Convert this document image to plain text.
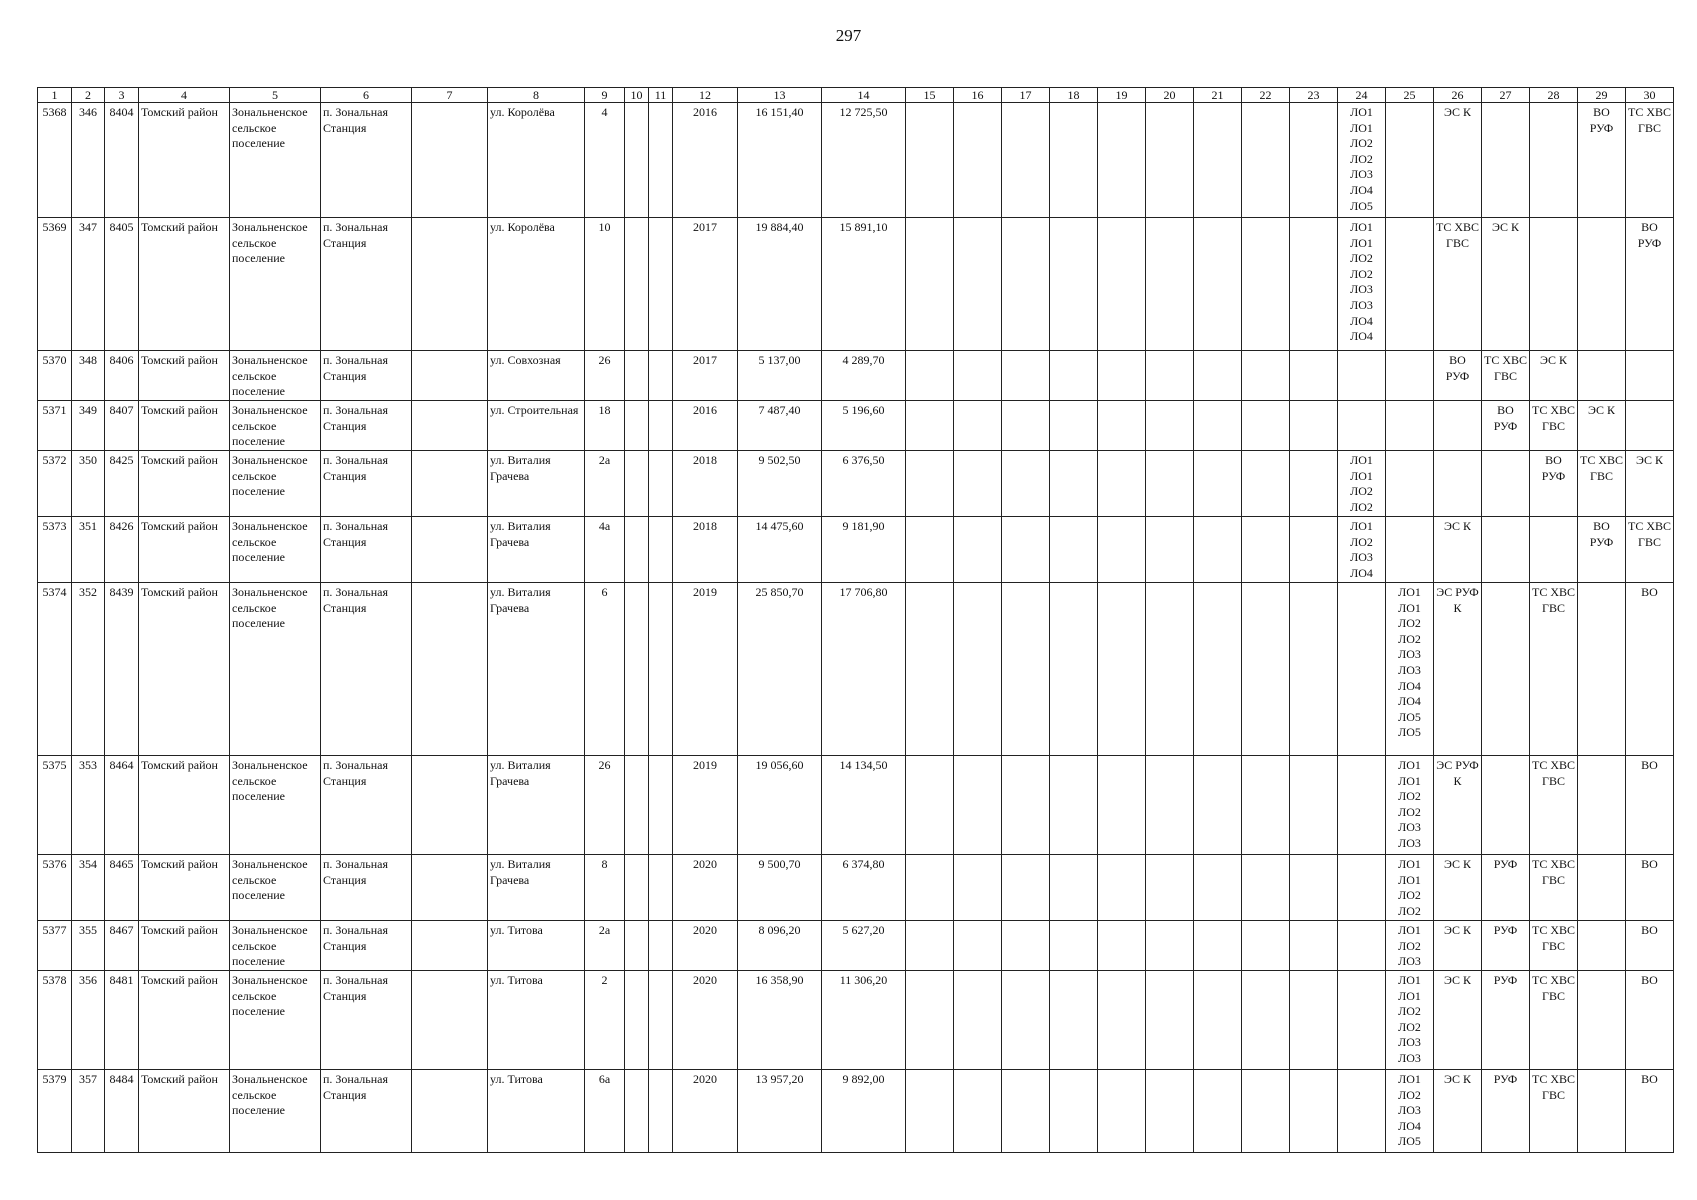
297
1	2	3	4	5	6	7	8	9	10	11	12	13	14	15	16	17	18	19	20	21	22	23	24	25	26	27	28	29	30
5368	346	8404	Томский район	Зональненское сельское поселение	п. Зональная Станция		ул. Королёва	4			2016	16 151,40	12 725,50										ЛО1 ЛО1 ЛО2 ЛО2 ЛО3 ЛО4 ЛО5		ЭС К			ВО РУФ	ТС ХВС ГВС
5369	347	8405	Томский район	Зональненское сельское поселение	п. Зональная Станция		ул. Королёва	10			2017	19 884,40	15 891,10										ЛО1 ЛО1 ЛО2 ЛО2 ЛО3 ЛО3 ЛО4 ЛО4		ТС ХВС ГВС	ЭС К			ВО РУФ
5370	348	8406	Томский район	Зональненское сельское поселение	п. Зональная Станция		ул. Совхозная	26			2017	5 137,00	4 289,70												ВО РУФ	ТС ХВС ГВС	ЭС К		
5371	349	8407	Томский район	Зональненское сельское поселение	п. Зональная Станция		ул. Строительная	18			2016	7 487,40	5 196,60													ВО РУФ	ТС ХВС ГВС	ЭС К	
5372	350	8425	Томский район	Зональненское сельское поселение	п. Зональная Станция		ул. Виталия Грачева	2а			2018	9 502,50	6 376,50										ЛО1 ЛО1 ЛО2 ЛО2				ВО РУФ	ТС ХВС ГВС	ЭС К
5373	351	8426	Томский район	Зональненское сельское поселение	п. Зональная Станция		ул. Виталия Грачева	4а			2018	14 475,60	9 181,90										ЛО1 ЛО2 ЛО3 ЛО4		ЭС К			ВО РУФ	ТС ХВС ГВС
5374	352	8439	Томский район	Зональненское сельское поселение	п. Зональная Станция		ул. Виталия Грачева	6			2019	25 850,70	17 706,80											ЛО1 ЛО1 ЛО2 ЛО2 ЛО3 ЛО3 ЛО4 ЛО4 ЛО5 ЛО5	ЭС РУФ К		ТС ХВС ГВС		ВО
5375	353	8464	Томский район	Зональненское сельское поселение	п. Зональная Станция		ул. Виталия Грачева	26			2019	19 056,60	14 134,50											ЛО1 ЛО1 ЛО2 ЛО2 ЛО3 ЛО3	ЭС РУФ К		ТС ХВС ГВС		ВО
5376	354	8465	Томский район	Зональненское сельское поселение	п. Зональная Станция		ул. Виталия Грачева	8			2020	9 500,70	6 374,80											ЛО1 ЛО1 ЛО2 ЛО2	ЭС К	РУФ	ТС ХВС ГВС		ВО
5377	355	8467	Томский район	Зональненское сельское поселение	п. Зональная Станция		ул. Титова	2а			2020	8 096,20	5 627,20											ЛО1 ЛО2 ЛО3	ЭС К	РУФ	ТС ХВС ГВС		ВО
5378	356	8481	Томский район	Зональненское сельское поселение	п. Зональная Станция		ул. Титова	2			2020	16 358,90	11 306,20											ЛО1 ЛО1 ЛО2 ЛО2 ЛО3 ЛО3	ЭС К	РУФ	ТС ХВС ГВС		ВО
5379	357	8484	Томский район	Зональненское сельское поселение	п. Зональная Станция		ул. Титова	6а			2020	13 957,20	9 892,00											ЛО1 ЛО2 ЛО3 ЛО4 ЛО5	ЭС К	РУФ	ТС ХВС ГВС		ВО
